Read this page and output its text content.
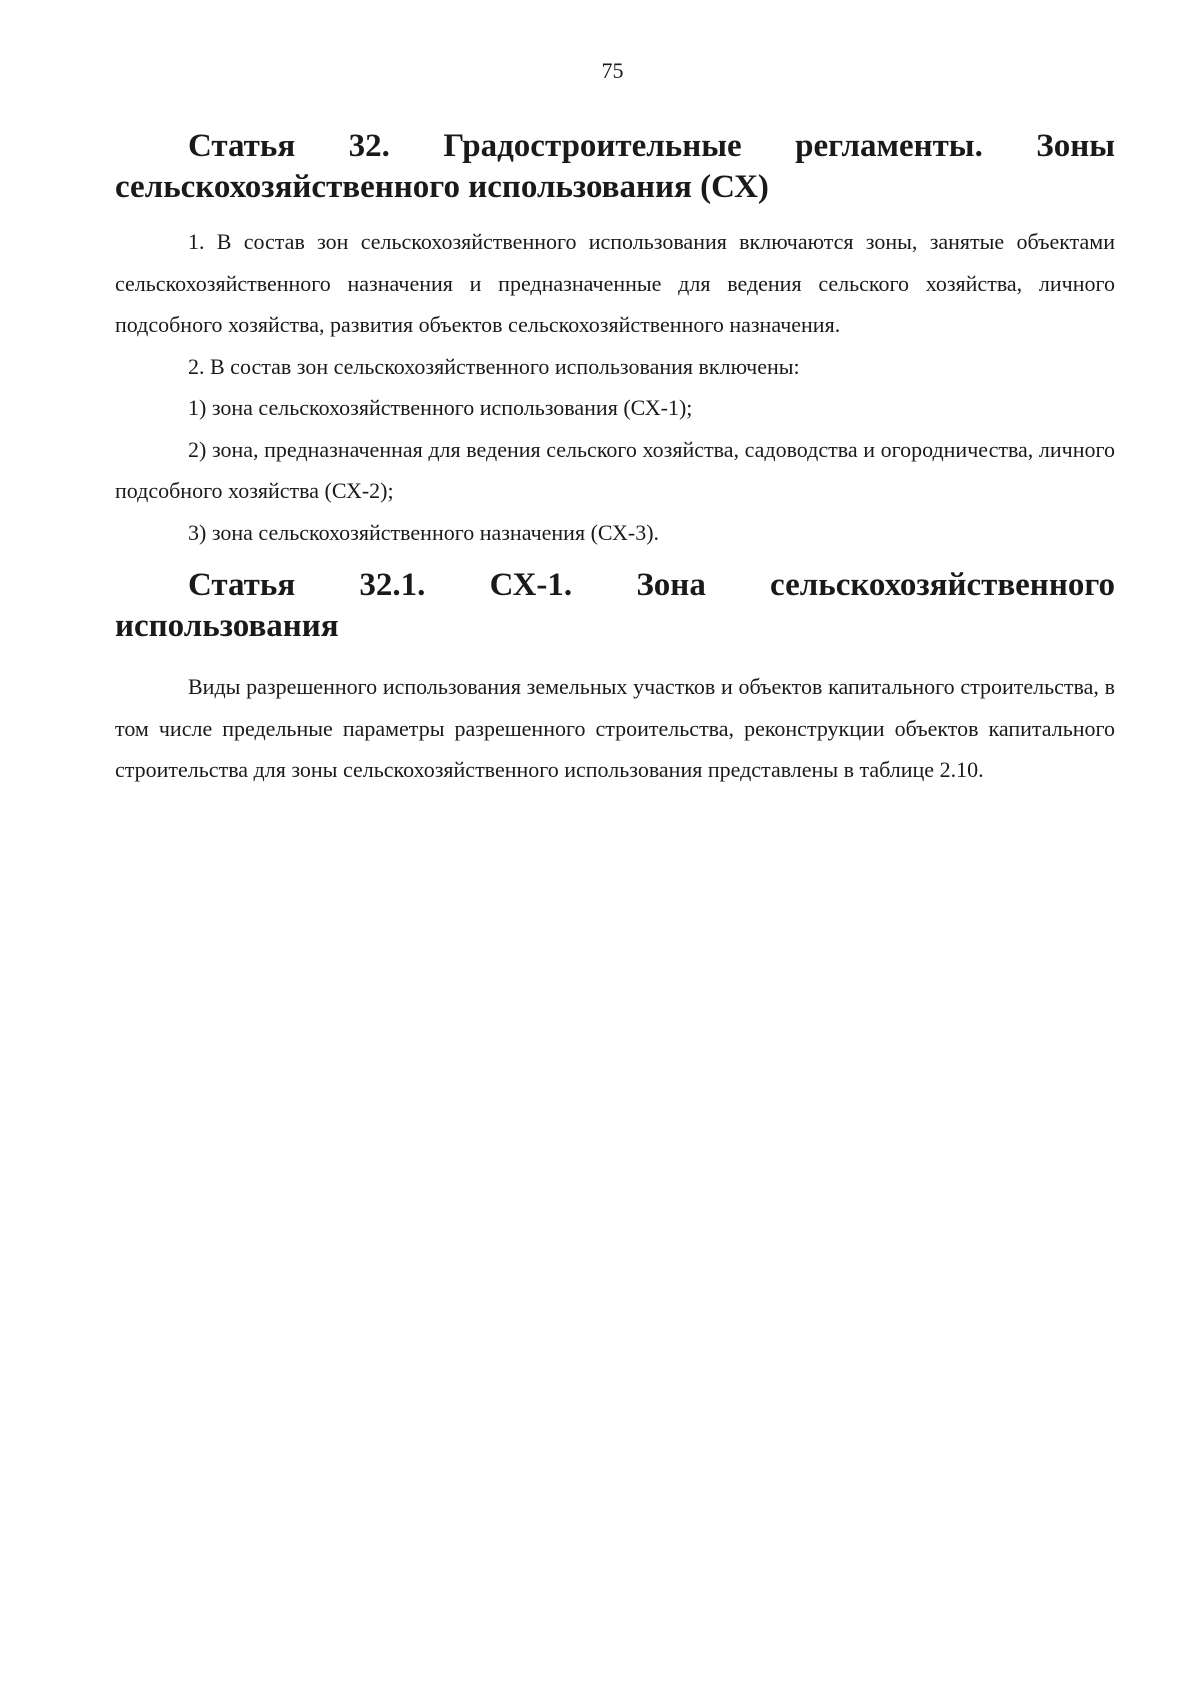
75
Статья 32. Градостроительные регламенты. Зоны сельскохозяйственного использования (СХ)

1. В состав зон сельскохозяйственного использования включаются зоны, занятые объектами сельскохозяйственного назначения и предназначенные для ведения сельского хозяйства, личного подсобного хозяйства, развития объектов сельскохозяйственного назначения.

2. В состав зон сельскохозяйственного использования включены:

1) зона сельскохозяйственного использования (СХ-1);

2) зона, предназначенная для ведения сельского хозяйства, садоводства и огородничества, личного подсобного хозяйства (СХ-2);

3) зона сельскохозяйственного назначения (СХ-3).

Статья 32.1. СХ-1. Зона сельскохозяйственного использования

Виды разрешенного использования земельных участков и объектов капитального строительства, в том числе предельные параметры разрешенного строительства, реконструкции объектов капитального строительства для зоны сельскохозяйственного использования представлены в таблице 2.10.
